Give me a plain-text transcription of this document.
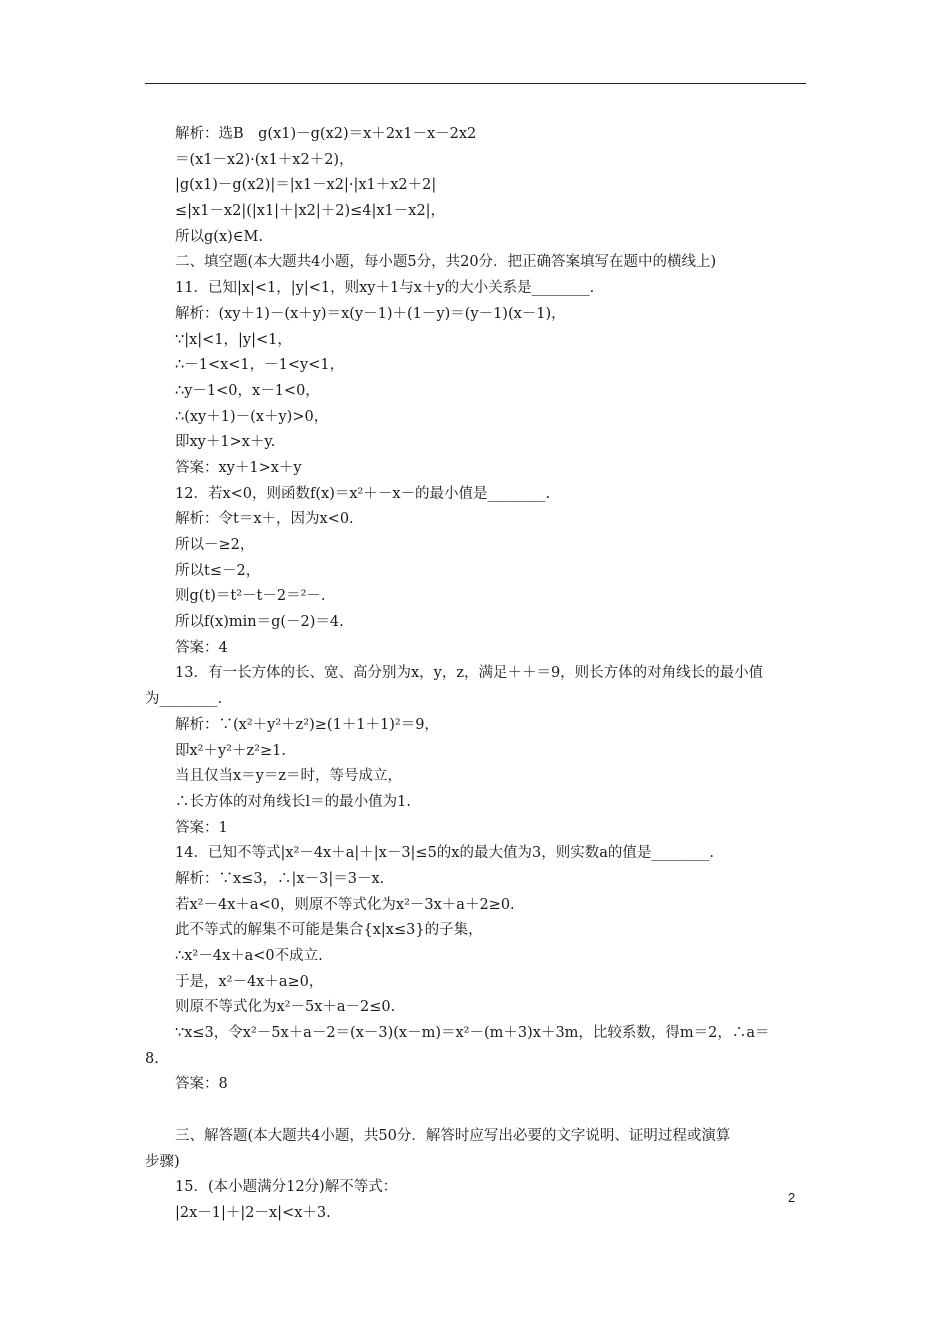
解析：选B　g(x1)－g(x2)＝x＋2x1－x－2x2
＝(x1－x2)·(x1＋x2＋2)，
|g(x1)－g(x2)|＝|x1－x2|·|x1＋x2＋2|
≤|x1－x2|(|x1|＋|x2|＋2)≤4|x1－x2|，
所以g(x)∈M.
二、填空题(本大题共4小题，每小题5分，共20分．把正确答案填写在题中的横线上)
11．已知|x|<1，|y|<1，则xy＋1与x＋y的大小关系是________.
解析：(xy＋1)－(x＋y)＝x(y－1)＋(1－y)＝(y－1)(x－1)，
∵|x|<1，|y|<1，
∴－1<x<1，－1<y<1，
∴y－1<0，x－1<0，
∴(xy＋1)－(x＋y)>0，
即xy＋1>x＋y.
答案：xy＋1>x＋y
12．若x<0，则函数f(x)＝x²＋－x－的最小值是________.
解析：令t＝x＋，因为x<0.
所以－≥2，
所以t≤－2，
则g(t)＝t²－t－2＝²－.
所以f(x)min＝g(－2)＝4.
答案：4
13．有一长方体的长、宽、高分别为x，y，z，满足＋＋＝9，则长方体的对角线长的最小值
为________.
解析：∵(x²＋y²＋z²)≥(1＋1＋1)²＝9，
即x²＋y²＋z²≥1.
当且仅当x＝y＝z＝时，等号成立，
∴长方体的对角线长l＝的最小值为1.
答案：1
14．已知不等式|x²－4x＋a|＋|x－3|≤5的x的最大值为3，则实数a的值是________.
解析：∵x≤3，∴|x－3|＝3－x.
若x²－4x＋a<0，则原不等式化为x²－3x＋a＋2≥0.
此不等式的解集不可能是集合{x|x≤3}的子集，
∴x²－4x＋a<0不成立.
于是，x²－4x＋a≥0，
则原不等式化为x²－5x＋a－2≤0.
∵x≤3，令x²－5x＋a－2＝(x－3)(x－m)＝x²－(m＋3)x＋3m，比较系数，得m＝2，∴a＝
8.
答案：8
三、解答题(本大题共4小题，共50分．解答时应写出必要的文字说明、证明过程或演算
步骤)
15．(本小题满分12分)解不等式：
|2x－1|＋|2－x|<x＋3.
2
